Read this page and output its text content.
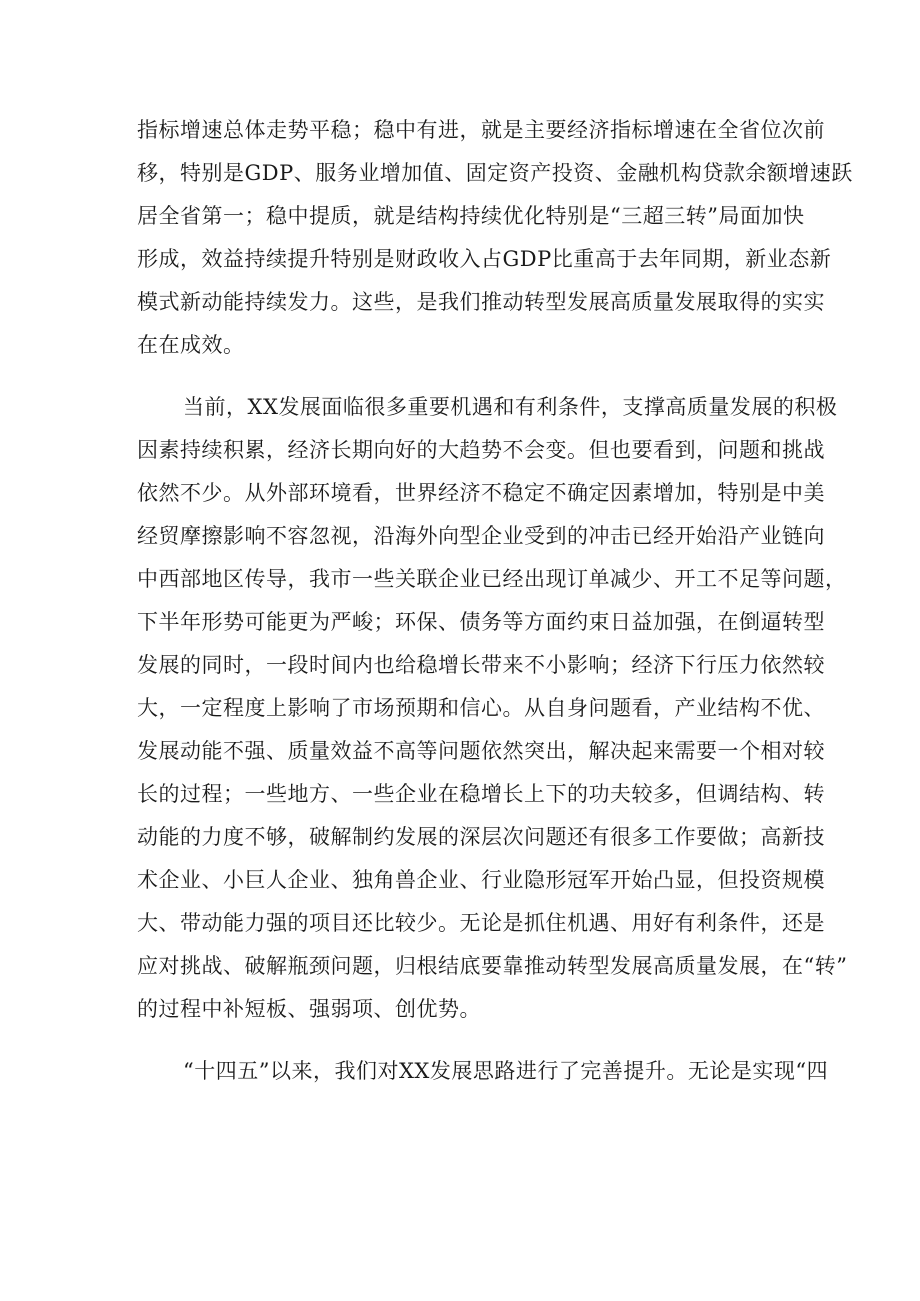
指标增速总体走势平稳；稳中有进，就是主要经济指标增速在全省位次前
移，特别是GDP、服务业增加值、固定资产投资、金融机构贷款余额增速跃
居全省第一；稳中提质，就是结构持续优化特别是“三超三转”局面加快
形成，效益持续提升特别是财政收入占GDP比重高于去年同期，新业态新
模式新动能持续发力。这些，是我们推动转型发展高质量发展取得的实实
在在成效。
当前，XX发展面临很多重要机遇和有利条件，支撑高质量发展的积极
因素持续积累，经济长期向好的大趋势不会变。但也要看到，问题和挑战
依然不少。从外部环境看，世界经济不稳定不确定因素增加，特别是中美
经贸摩擦影响不容忽视，沿海外向型企业受到的冲击已经开始沿产业链向
中西部地区传导，我市一些关联企业已经出现订单减少、开工不足等问题，
下半年形势可能更为严峻；环保、债务等方面约束日益加强，在倒逼转型
发展的同时，一段时间内也给稳增长带来不小影响；经济下行压力依然较
大，一定程度上影响了市场预期和信心。从自身问题看，产业结构不优、
发展动能不强、质量效益不高等问题依然突出，解决起来需要一个相对较
长的过程；一些地方、一些企业在稳增长上下的功夫较多，但调结构、转
动能的力度不够，破解制约发展的深层次问题还有很多工作要做；高新技
术企业、小巨人企业、独角兽企业、行业隐形冠军开始凸显，但投资规模
大、带动能力强的项目还比较少。无论是抓住机遇、用好有利条件，还是
应对挑战、破解瓶颈问题，归根结底要靠推动转型发展高质量发展，在“转”
的过程中补短板、强弱项、创优势。
“十四五”以来，我们对XX发展思路进行了完善提升。无论是实现“四
